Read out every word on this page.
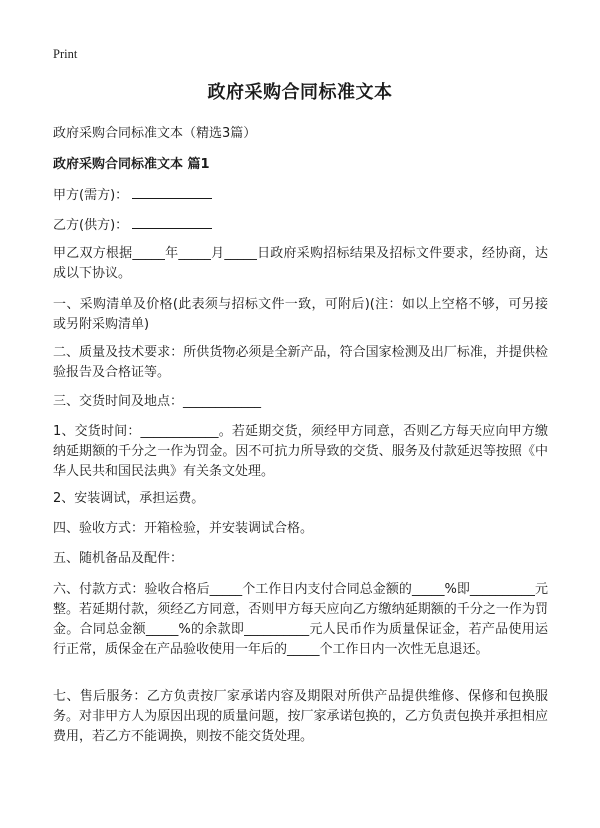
Print
政府采购合同标准文本
政府采购合同标准文本（精选3篇）
政府采购合同标准文本 篇1
甲方(需方)：
乙方(供方)：
甲乙双方根据_____年_____月_____日政府采购招标结果及招标文件要求，经协商，达成以下协议。
一、采购清单及价格(此表须与招标文件一致，可附后)(注：如以上空格不够，可另接或另附采购清单)
二、质量及技术要求：所供货物必须是全新产品，符合国家检测及出厂标准，并提供检验报告及合格证等。
三、交货时间及地点：____________
1、交货时间：____________。若延期交货，须经甲方同意，否则乙方每天应向甲方缴纳延期额的千分之一作为罚金。因不可抗力所导致的交货、服务及付款延迟等按照《中华人民共和国民法典》有关条文处理。
2、安装调试，承担运费。
四、验收方式：开箱检验，并安装调试合格。
五、随机备品及配件：
六、付款方式：验收合格后_____个工作日内支付合同总金额的_____%即__________元整。若延期付款，须经乙方同意，否则甲方每天应向乙方缴纳延期额的千分之一作为罚金。合同总金额_____%的余款即__________元人民币作为质量保证金，若产品使用运行正常，质保金在产品验收使用一年后的_____个工作日内一次性无息退还。
七、售后服务：乙方负责按厂家承诺内容及期限对所供产品提供维修、保修和包换服务。对非甲方人为原因出现的质量问题，按厂家承诺包换的，乙方负责包换并承担相应费用，若乙方不能调换，则按不能交货处理。
